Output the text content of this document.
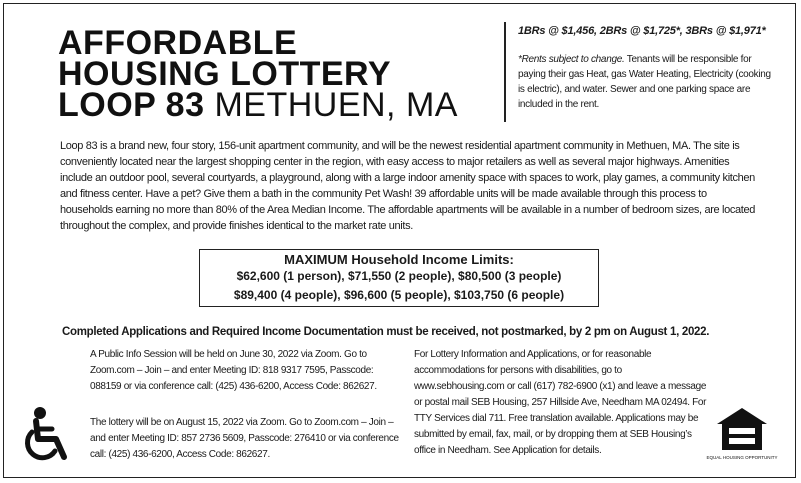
AFFORDABLE
HOUSING LOTTERY
LOOP 83 METHUEN, MA
1BRs @ $1,456, 2BRs @ $1,725*, 3BRs @ $1,971*
*Rents subject to change. Tenants will be responsible for paying their gas Heat, gas Water Heating, Electricity (cooking is electric), and water. Sewer and one parking space are included in the rent.
Loop 83 is a brand new, four story, 156-unit apartment community, and will be the newest residential apartment community in Methuen, MA. The site is conveniently located near the largest shopping center in the region, with easy access to major retailers as well as several major highways. Amenities include an outdoor pool, several courtyards, a playground, along with a large indoor amenity space with spaces to work, play games, a community kitchen and fitness center. Have a pet? Give them a bath in the community Pet Wash! 39 affordable units will be made available through this process to households earning no more than 80% of the Area Median Income. The affordable apartments will be available in a number of bedroom sizes, are located throughout the complex, and provide finishes identical to the market rate units.
MAXIMUM Household Income Limits:
$62,600 (1 person), $71,550 (2 people), $80,500 (3 people)
$89,400 (4 people), $96,600 (5 people), $103,750 (6 people)
Completed Applications and Required Income Documentation must be received, not postmarked, by 2 pm on August 1, 2022.
A Public Info Session will be held on June 30, 2022 via Zoom. Go to Zoom.com – Join – and enter Meeting ID: 818 9317 7595, Passcode: 088159 or via conference call: (425) 436-6200, Access Code: 862627.
The lottery will be on August 15, 2022 via Zoom. Go to Zoom.com – Join – and enter Meeting ID: 857 2736 5609, Passcode: 276410 or via conference call: (425) 436-6200, Access Code: 862627.
For Lottery Information and Applications, or for reasonable accommodations for persons with disabilities, go to www.sebhousing.com or call (617) 782-6900 (x1) and leave a message or postal mail SEB Housing, 257 Hillside Ave, Needham MA 02494. For TTY Services dial 711. Free translation available. Applications may be submitted by email, fax, mail, or by dropping them at SEB Housing’s office in Needham. See Application for details.
EQUAL HOUSING OPPORTUNITY
